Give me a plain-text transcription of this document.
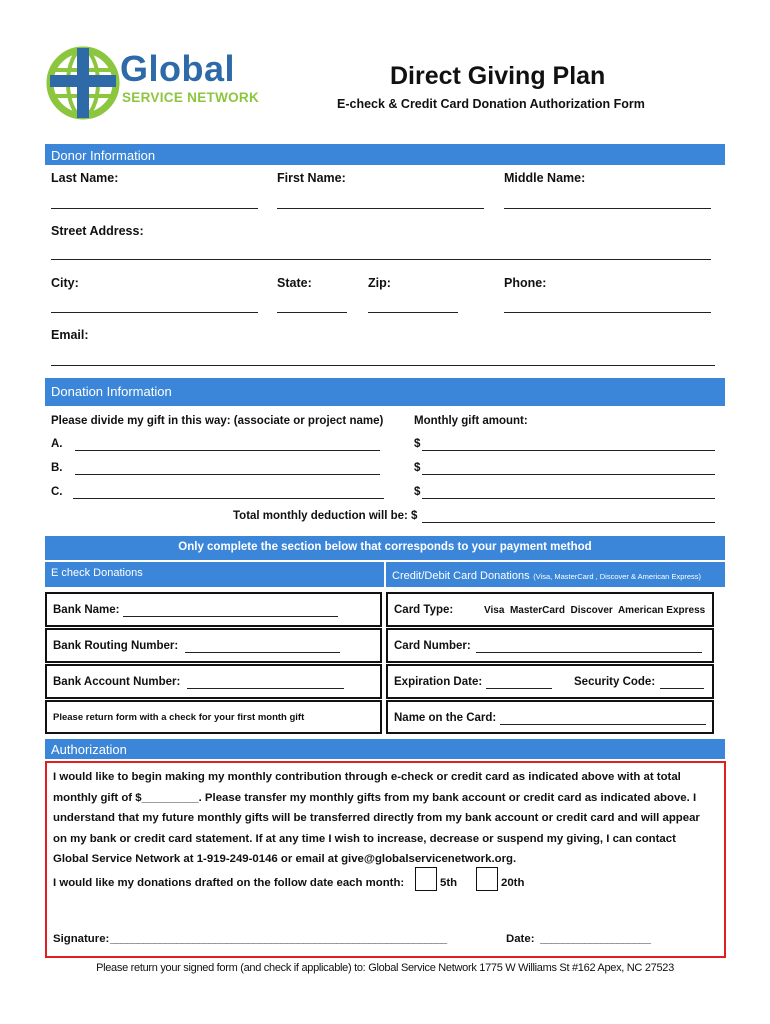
Global
SERVICE NETWORK
Direct Giving Plan
E-check & Credit Card Donation Authorization Form
Donor Information
Last Name:	First Name:	Middle Name:
Street Address:
City:	State:	Zip:	Phone:
Email:
Donation Information
Please divide my gift in this way: (associate or project name)	Monthly gift amount:
A.	$
B.	$
C.	$
Total monthly deduction will be: $
Only complete the section below that corresponds to your payment method
E check Donations	Credit/Debit Card Donations (Visa, MasterCard , Discover & American Express)
Bank Name:
Bank Routing Number:
Bank Account Number:
Please return form with a check for your first month gift
Card Type:	Visa  MasterCard  Discover  American Express
Card Number:
Expiration Date:	Security Code:
Name on the Card:
Authorization
I would like to begin making my monthly contribution through e-check or credit card as indicated above with at total
monthly gift of $_________. Please transfer my monthly gifts from my bank account or credit card as indicated above. I
understand that my future monthly gifts will be transferred directly from my bank account or credit card and will appear
on my bank or credit card statement. If at any time I wish to increase, decrease or suspend my giving, I can contact
Global Service Network at 1-919-249-0146 or email at give@globalservicenetwork.org.
I would like my donations drafted on the follow date each month:	5th	20th
Signature: _____________________________________________________________	Date: ____________________
Please return your signed form (and check if applicable) to: Global Service Network 1775 W Williams St #162 Apex, NC 27523
